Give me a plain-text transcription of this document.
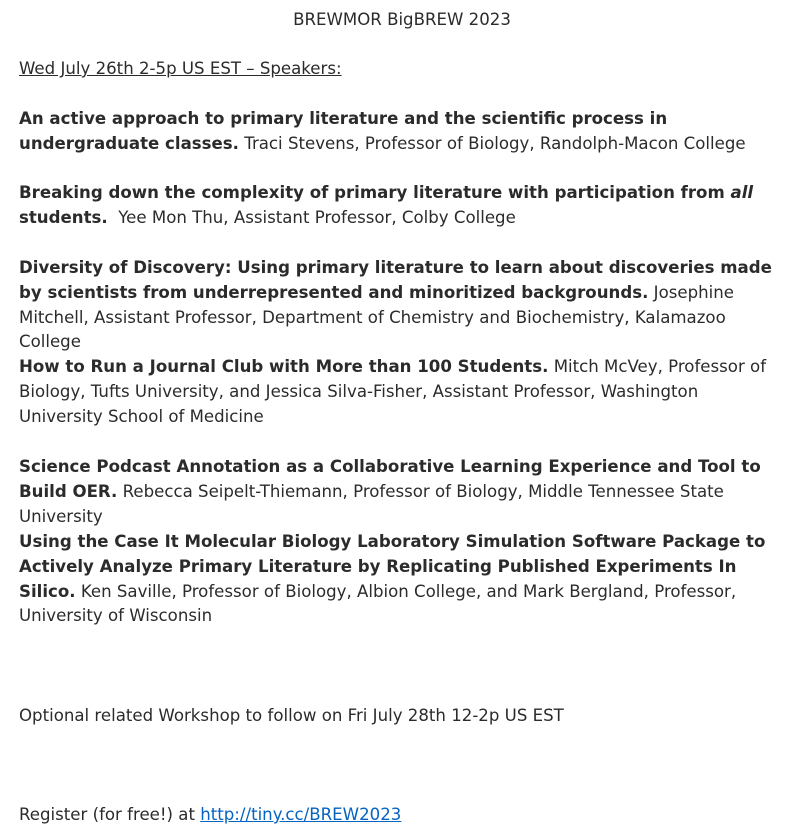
BREWMOR BigBREW 2023
Wed July 26th 2-5p US EST – Speakers:
An active approach to primary literature and the scientific process in undergraduate classes. Traci Stevens, Professor of Biology, Randolph-Macon College
Breaking down the complexity of primary literature with participation from all students. Yee Mon Thu, Assistant Professor, Colby College
Diversity of Discovery: Using primary literature to learn about discoveries made by scientists from underrepresented and minoritized backgrounds. Josephine Mitchell, Assistant Professor, Department of Chemistry and Biochemistry, Kalamazoo College
How to Run a Journal Club with More than 100 Students. Mitch McVey, Professor of Biology, Tufts University, and Jessica Silva-Fisher, Assistant Professor, Washington University School of Medicine
Science Podcast Annotation as a Collaborative Learning Experience and Tool to Build OER. Rebecca Seipelt-Thiemann, Professor of Biology, Middle Tennessee State University
Using the Case It Molecular Biology Laboratory Simulation Software Package to Actively Analyze Primary Literature by Replicating Published Experiments In Silico. Ken Saville, Professor of Biology, Albion College, and Mark Bergland, Professor, University of Wisconsin
Optional related Workshop to follow on Fri July 28th 12-2p US EST
Register (for free!) at http://tiny.cc/BREW2023
